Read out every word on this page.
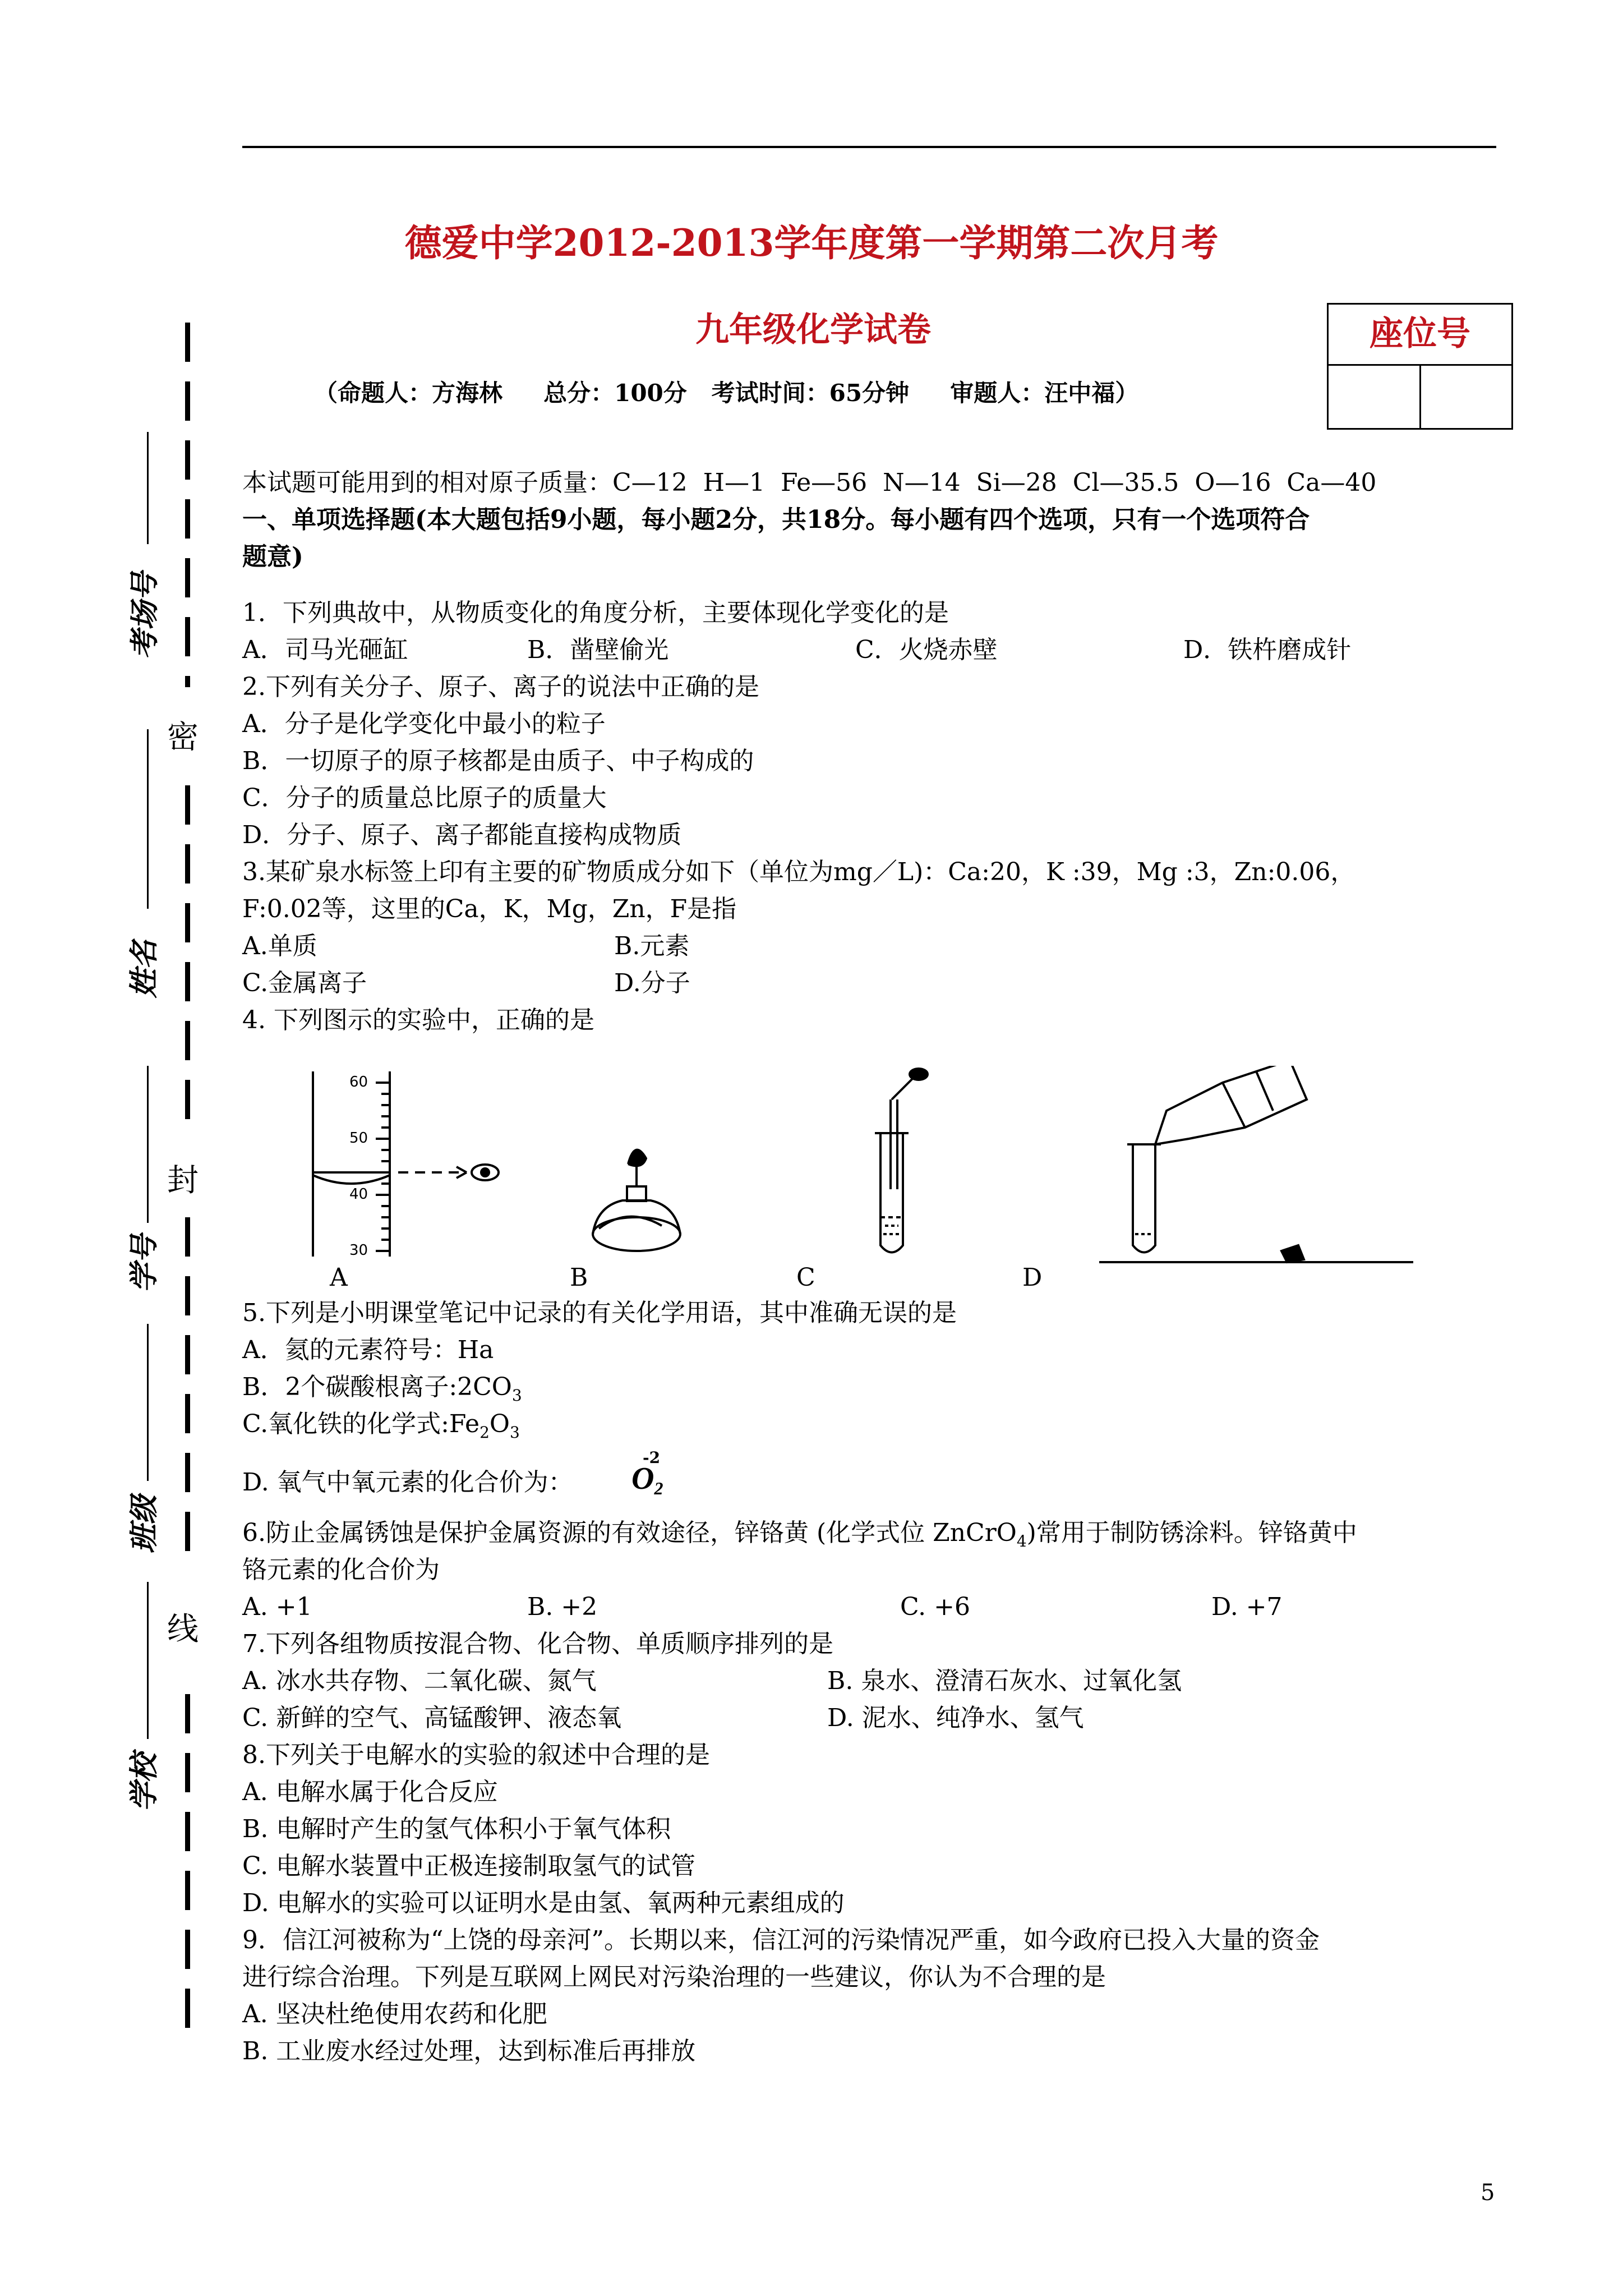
德爱中学2012-2013学年度第一学期第二次月考
九年级化学试卷	座位号
（命题人：方海林     总分：100分   考试时间：65分钟     审题人：汪中福）
密
封
线
考场号
姓名
学号
班级
学校
本试题可能用到的相对原子质量：C—12  H—1  Fe—56  N—14  Si—28  Cl—35.5  O—16  Ca—40
一、单项选择题(本大题包括9小题，每小题2分，共18分。每小题有四个选项，只有一个选项符合
题意)
1．下列典故中，从物质变化的角度分析，主要体现化学变化的是
A．司马光砸缸	B．凿壁偷光	C．火烧赤壁	D．铁杵磨成针
2.下列有关分子、原子、离子的说法中正确的是
A．分子是化学变化中最小的粒子
B．一切原子的原子核都是由质子、中子构成的
C．分子的质量总比原子的质量大
D．分子、原子、离子都能直接构成物质
3.某矿泉水标签上印有主要的矿物质成分如下（单位为mg／L)：Ca:20，K :39，Mg :3，Zn:0.06，
F:0.02等，这里的Ca，K，Mg，Zn，F是指
A.单质	B.元素
C.金属离子	D.分子
4. 下列图示的实验中，正确的是
60
50
40
30
A	B	C	D
5.下列是小明课堂笔记中记录的有关化学用语，其中准确无误的是
A．氦的元素符号：Ha
B．2个碳酸根离子$:2CO_3$
C.氧化铁的化学式$:Fe_2O_3$
D. 氧气中氧元素的化合价为：
-2
$O_2$
6.防止金属锈蚀是保护金属资源的有效途径，锌铬黄 (化学式位 ZnCrO$_4$)常用于制防锈涂料。锌铬黄中
铬元素的化合价为
A. +1	B. +2	C. +6	D. +7
7.下列各组物质按混合物、化合物、单质顺序排列的是
A. 冰水共存物、二氧化碳、氮气	B. 泉水、澄清石灰水、过氧化氢
C. 新鲜的空气、高锰酸钾、液态氧	D. 泥水、纯净水、氢气
8.下列关于电解水的实验的叙述中合理的是
A. 电解水属于化合反应
B. 电解时产生的氢气体积小于氧气体积
C. 电解水装置中正极连接制取氢气的试管
D. 电解水的实验可以证明水是由氢、氧两种元素组成的
9．信江河被称为“上饶的母亲河”。长期以来，信江河的污染情况严重，如今政府已投入大量的资金
进行综合治理。下列是互联网上网民对污染治理的一些建议，你认为不合理的是
A. 坚决杜绝使用农药和化肥
B. 工业废水经过处理，达到标准后再排放
5
